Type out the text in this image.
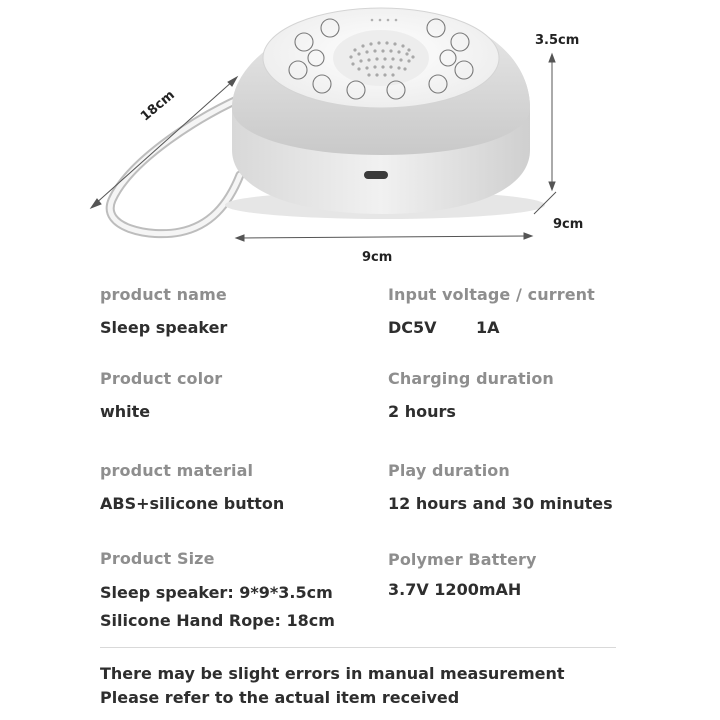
3.5cm
9cm
9cm
18cm
product name
Sleep speaker
Input voltage / current
DC5V 1A
Product color
white
Charging duration
2 hours
product material
ABS+silicone button
Play duration
12 hours and 30 minutes
Product Size
Sleep speaker: 9*9*3.5cm
Silicone Hand Rope: 18cm
Polymer Battery
3.7V 1200mAH
There may be slight errors in manual measurement
Please refer to the actual item received
